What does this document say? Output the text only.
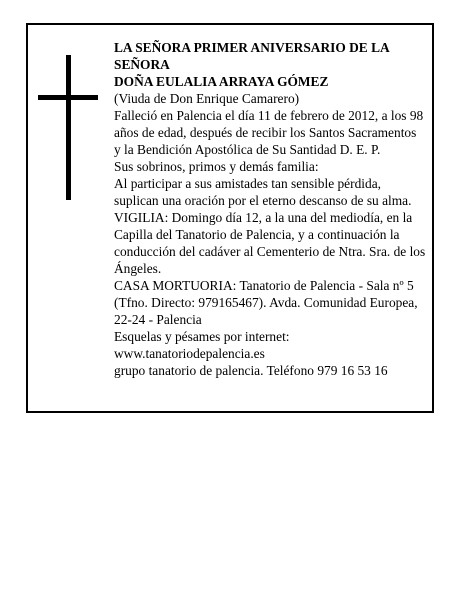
LA SEÑORA PRIMER ANIVERSARIO DE LA SEÑORA

DOÑA EULALIA ARRAYA GÓMEZ

(Viuda de Don Enrique Camarero)

Falleció en Palencia el día 11 de febrero de 2012, a los 98 años de edad, después de recibir los Santos Sacramentos y la Bendición Apostólica de Su Santidad D. E. P.

Sus sobrinos, primos y demás familia:

Al participar a sus amistades tan sensible pérdida, suplican una oración por el eterno descanso de su alma.

VIGILIA: Domingo día 12, a la una del mediodía, en la Capilla del Tanatorio de Palencia, y a continuación la conducción del cadáver al Cementerio de Ntra. Sra. de los Ángeles.

CASA MORTUORIA: Tanatorio de Palencia - Sala nº 5 (Tfno. Directo: 979165467). Avda. Comunidad Europea, 22-24 - Palencia

Esquelas y pésames por internet:

www.tanatoriodepalencia.es

grupo tanatorio de palencia. Teléfono 979 16 53 16
